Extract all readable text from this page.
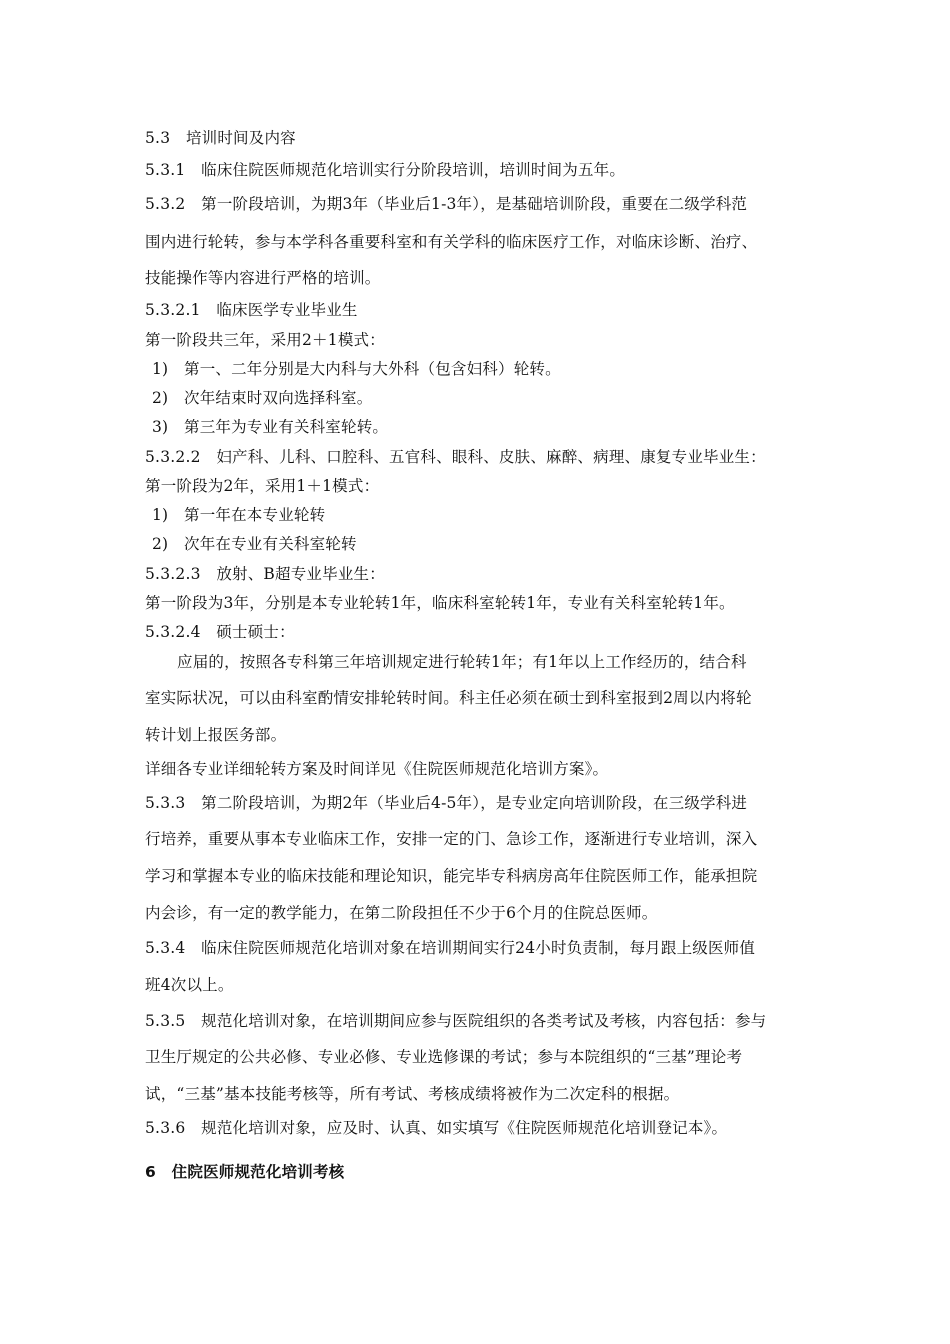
5.3　培训时间及内容
5.3.1　临床住院医师规范化培训实行分阶段培训，培训时间为五年。
5.3.2　第一阶段培训，为期3年（毕业后1-3年），是基础培训阶段，重要在二级学科范
围内进行轮转，参与本学科各重要科室和有关学科的临床医疗工作，对临床诊断、治疗、
技能操作等内容进行严格的培训。
5.3.2.1　临床医学专业毕业生
第一阶段共三年，采用2＋1模式：
1)　第一、二年分别是大内科与大外科（包含妇科）轮转。
2)　次年结束时双向选择科室。
3)　第三年为专业有关科室轮转。
5.3.2.2　妇产科、儿科、口腔科、五官科、眼科、皮肤、麻醉、病理、康复专业毕业生：
第一阶段为2年，采用1＋1模式：
1)　第一年在本专业轮转
2)　次年在专业有关科室轮转
5.3.2.3　放射、B超专业毕业生：
第一阶段为3年，分别是本专业轮转1年，临床科室轮转1年，专业有关科室轮转1年。
5.3.2.4　硕士硕士：
应届的，按照各专科第三年培训规定进行轮转1年；有1年以上工作经历的，结合科
室实际状况，可以由科室酌情安排轮转时间。科主任必须在硕士到科室报到2周以内将轮
转计划上报医务部。
详细各专业详细轮转方案及时间详见《住院医师规范化培训方案》。
5.3.3　第二阶段培训，为期2年（毕业后4-5年），是专业定向培训阶段，在三级学科进
行培养，重要从事本专业临床工作，安排一定的门、急诊工作，逐渐进行专业培训，深入
学习和掌握本专业的临床技能和理论知识，能完毕专科病房高年住院医师工作，能承担院
内会诊，有一定的教学能力，在第二阶段担任不少于6个月的住院总医师。
5.3.4　临床住院医师规范化培训对象在培训期间实行24小时负责制，每月跟上级医师值
班4次以上。
5.3.5　规范化培训对象，在培训期间应参与医院组织的各类考试及考核，内容包括：参与
卫生厅规定的公共必修、专业必修、专业选修课的考试；参与本院组织的“三基”理论考
试，“三基”基本技能考核等，所有考试、考核成绩将被作为二次定科的根据。
5.3.6　规范化培训对象，应及时、认真、如实填写《住院医师规范化培训登记本》。
6　住院医师规范化培训考核
